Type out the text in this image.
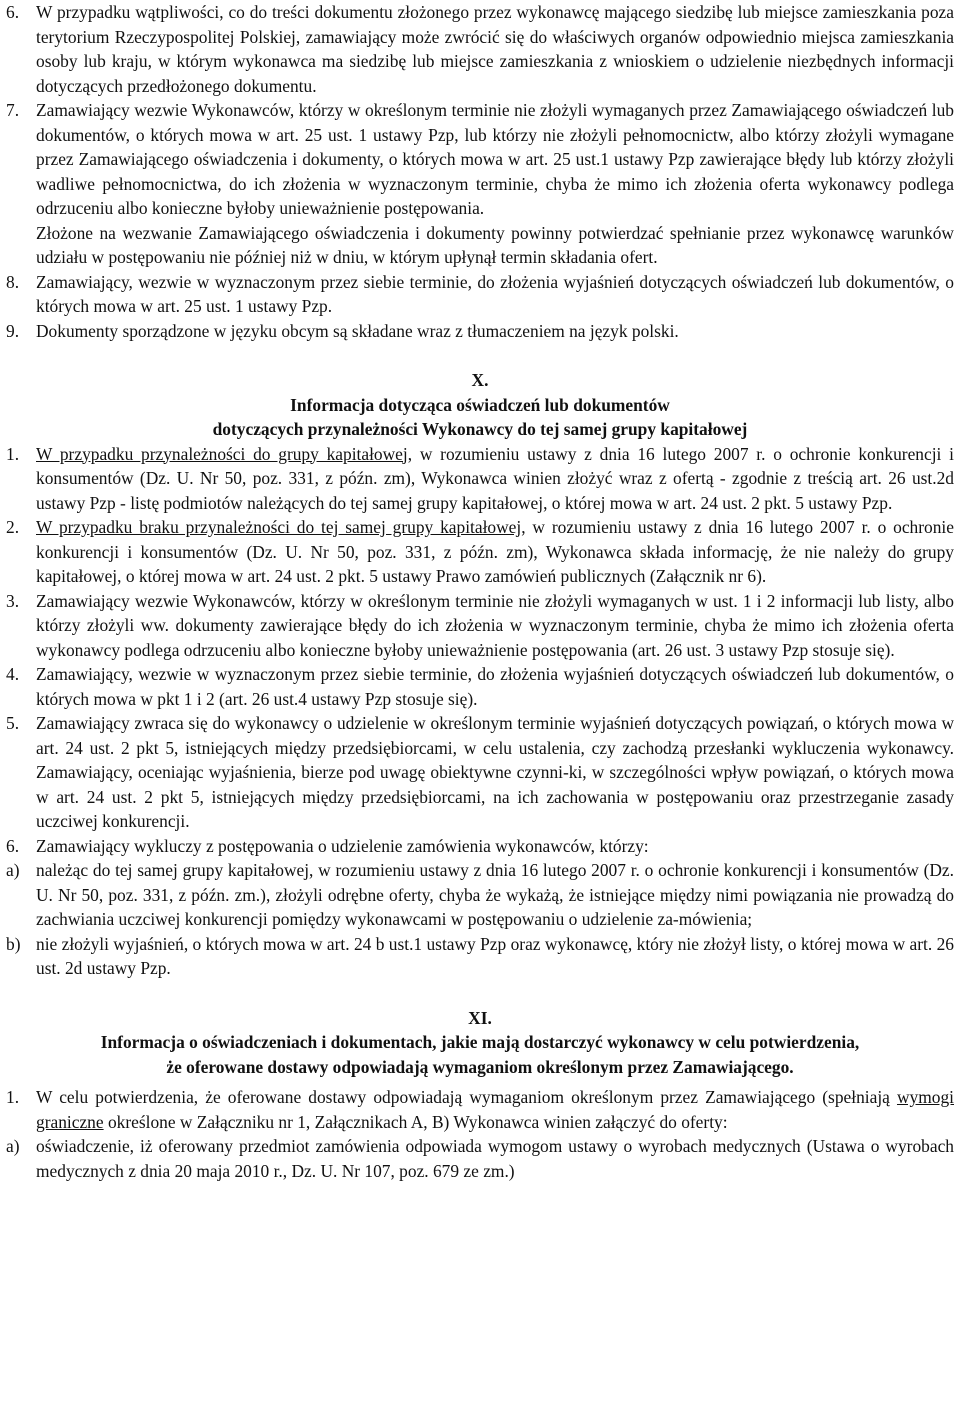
6. W przypadku wątpliwości, co do treści dokumentu złożonego przez wykonawcę mającego siedzibę lub miejsce zamieszkania poza terytorium Rzeczypospolitej Polskiej, zamawiający może zwrócić się do właściwych organów odpowiednio miejsca zamieszkania osoby lub kraju, w którym wykonawca ma siedzibę lub miejsce zamieszkania z wnioskiem o udzielenie niezbędnych informacji dotyczących przedłożonego dokumentu.
7. Zamawiający wezwie Wykonawców, którzy w określonym terminie nie złożyli wymaganych przez Zamawiającego oświadczeń lub dokumentów, o których mowa w art. 25 ust. 1 ustawy Pzp, lub którzy nie złożyli pełnomocnictw, albo którzy złożyli wymagane przez Zamawiającego oświadczenia i dokumenty, o których mowa w art. 25 ust.1 ustawy Pzp zawierające błędy lub którzy złożyli wadliwe pełnomocnictwa, do ich złożenia w wyznaczonym terminie, chyba że mimo ich złożenia oferta wykonawcy podlega odrzuceniu albo konieczne byłoby unieważnienie postępowania.
Złożone na wezwanie Zamawiającego oświadczenia i dokumenty powinny potwierdzać spełnianie przez wykonawcę warunków udziału w postępowaniu nie później niż w dniu, w którym upłynął termin składania ofert.
8. Zamawiający, wezwie w wyznaczonym przez siebie terminie, do złożenia wyjaśnień dotyczących oświadczeń lub dokumentów, o których mowa w art. 25 ust. 1 ustawy Pzp.
9. Dokumenty sporządzone w języku obcym są składane wraz z tłumaczeniem na język polski.
X.
Informacja dotycząca oświadczeń lub dokumentów
dotyczących przynależności Wykonawcy do tej samej grupy kapitałowej
1. W przypadku przynależności do grupy kapitałowej, w rozumieniu ustawy z dnia 16 lutego 2007 r. o ochronie konkurencji i konsumentów (Dz. U. Nr 50, poz. 331, z późn. zm), Wykonawca winien złożyć wraz z ofertą - zgodnie z treścią art. 26 ust.2d ustawy Pzp - listę podmiotów należących do tej samej grupy kapitałowej, o której mowa w art. 24 ust. 2 pkt. 5 ustawy Pzp.
2. W przypadku braku przynależności do tej samej grupy kapitałowej, w rozumieniu ustawy z dnia 16 lutego 2007 r. o ochronie konkurencji i konsumentów (Dz. U. Nr 50, poz. 331, z późn. zm), Wykonawca składa informację, że nie należy do grupy kapitałowej, o której mowa w art. 24 ust. 2 pkt. 5 ustawy Prawo zamówień publicznych (Załącznik nr 6).
3. Zamawiający wezwie Wykonawców, którzy w określonym terminie nie złożyli wymaganych w ust. 1 i 2 informacji lub listy, albo którzy złożyli ww. dokumenty zawierające błędy do ich złożenia w wyznaczonym terminie, chyba że mimo ich złożenia oferta wykonawcy podlega odrzuceniu albo konieczne byłoby unieważnienie postępowania (art. 26 ust. 3 ustawy Pzp stosuje się).
4. Zamawiający, wezwie w wyznaczonym przez siebie terminie, do złożenia wyjaśnień dotyczących oświadczeń lub dokumentów, o których mowa w pkt 1 i 2 (art. 26 ust.4 ustawy Pzp stosuje się).
5. Zamawiający zwraca się do wykonawcy o udzielenie w określonym terminie wyjaśnień dotyczących powiązań, o których mowa w art. 24 ust. 2 pkt 5, istniejących między przedsiębiorcami, w celu ustalenia, czy zachodzą przesłanki wykluczenia wykonawcy. Zamawiający, oceniając wyjaśnienia, bierze pod uwagę obiektywne czynni-ki, w szczególności wpływ powiązań, o których mowa w art. 24 ust. 2 pkt 5, istniejących między przedsiębiorcami, na ich zachowania w postępowaniu oraz przestrzeganie zasady uczciwej konkurencji.
6. Zamawiający wykluczy z postępowania o udzielenie zamówienia wykonawców, którzy:
a) należąc do tej samej grupy kapitałowej, w rozumieniu ustawy z dnia 16 lutego 2007 r. o ochronie konkurencji i konsumentów (Dz. U. Nr 50, poz. 331, z późn. zm.), złożyli odrębne oferty, chyba że wykażą, że istniejące między nimi powiązania nie prowadzą do zachwiania uczciwej konkurencji pomiędzy wykonawcami w postępowaniu o udzielenie za-mówienia;
b) nie złożyli wyjaśnień, o których mowa w art. 24 b ust.1 ustawy Pzp oraz wykonawcę, który nie złożył listy, o której mowa w art. 26 ust. 2d ustawy Pzp.
XI.
Informacja o oświadczeniach i dokumentach, jakie mają dostarczyć wykonawcy w celu potwierdzenia,
że oferowane dostawy odpowiadają wymaganiom określonym przez Zamawiającego.
1. W celu potwierdzenia, że oferowane dostawy odpowiadają wymaganiom określonym przez Zamawiającego (spełniają wymogi graniczne określone w Załączniku nr 1, Załącznikach A, B) Wykonawca winien załączyć do oferty:
a) oświadczenie, iż oferowany przedmiot zamówienia odpowiada wymogom ustawy o wyrobach medycznych (Ustawa o wyrobach medycznych z dnia 20 maja 2010 r., Dz. U. Nr 107, poz. 679 ze zm.)
